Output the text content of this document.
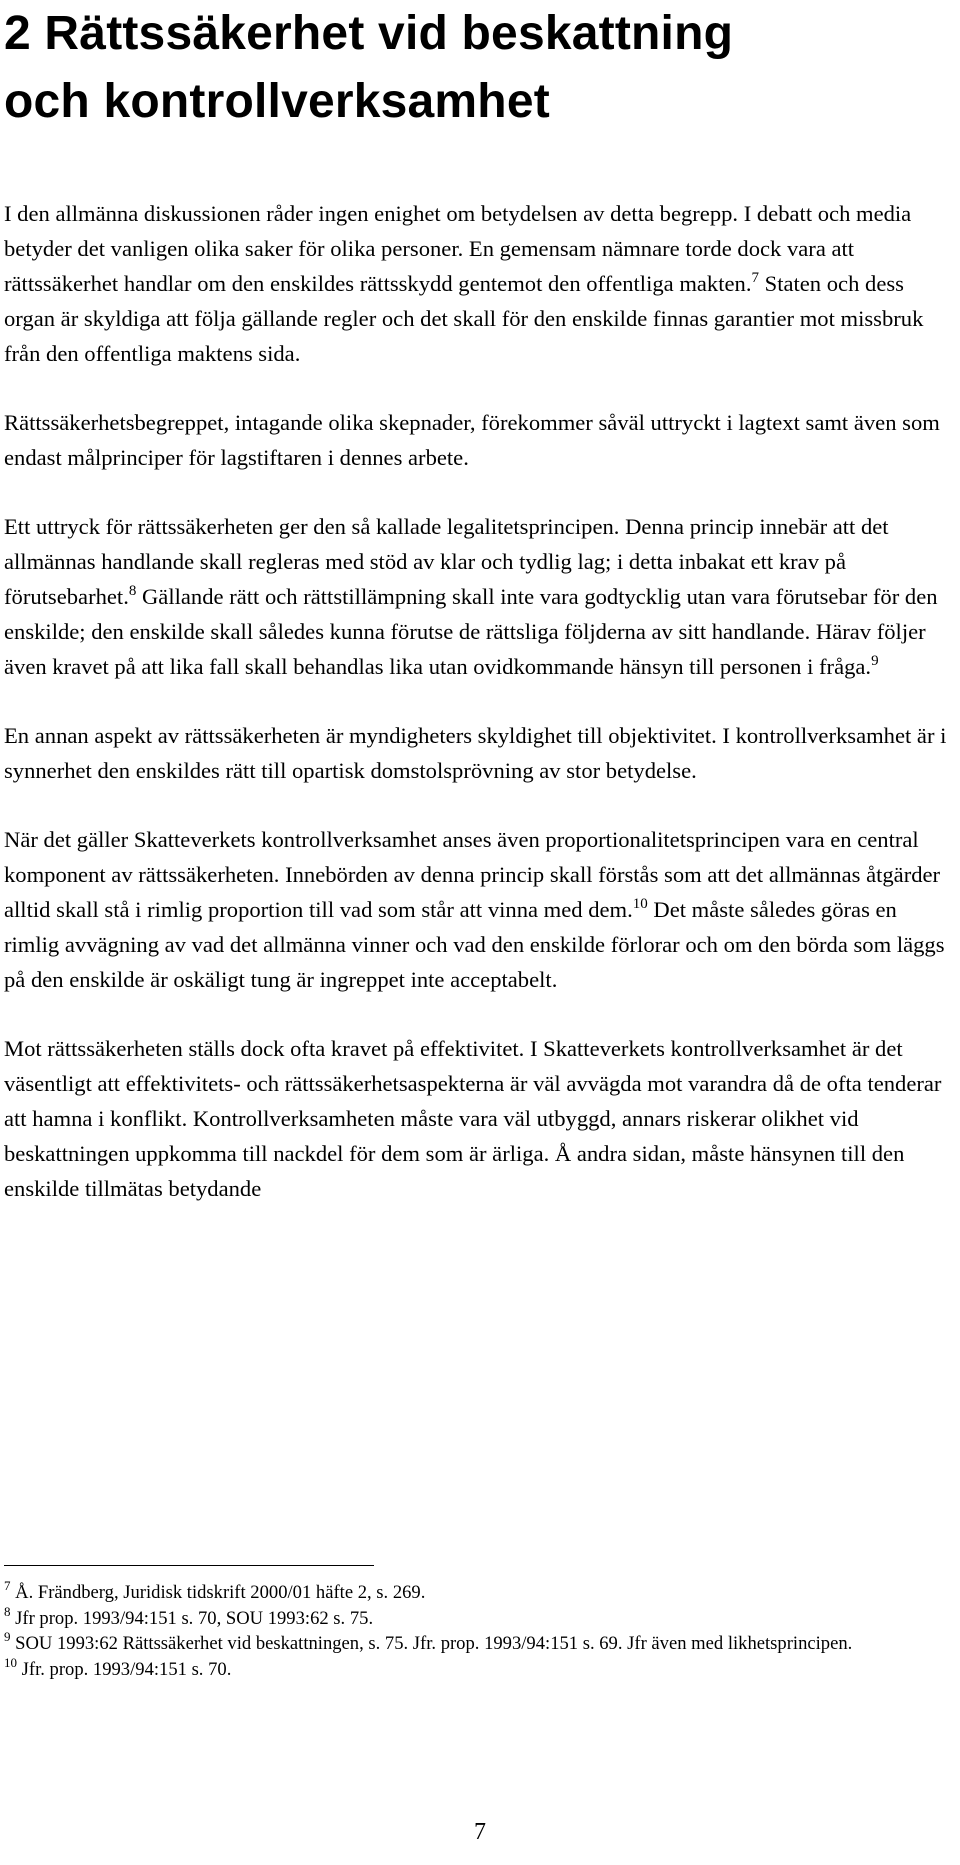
2 Rättssäkerhet vid beskattning
och kontrollverksamhet

I den allmänna diskussionen råder ingen enighet om betydelsen av detta begrepp. I debatt och media betyder det vanligen olika saker för olika personer. En gemensam nämnare torde dock vara att rättssäkerhet handlar om den enskildes rättsskydd gentemot den offentliga makten.$^7$ Staten och dess organ är skyldiga att följa gällande regler och det skall för den enskilde finnas garantier mot missbruk från den offentliga maktens sida.

Rättssäkerhetsbegreppet, intagande olika skepnader, förekommer såväl uttryckt i lagtext samt även som endast målprinciper för lagstiftaren i dennes arbete.

Ett uttryck för rättssäkerheten ger den så kallade legalitetsprincipen. Denna princip innebär att det allmännas handlande skall regleras med stöd av klar och tydlig lag; i detta inbakat ett krav på förutsebarhet.$^8$ Gällande rätt och rättstillämpning skall inte vara godtycklig utan vara förutsebar för den enskilde; den enskilde skall således kunna förutse de rättsliga följderna av sitt handlande. Härav följer även kravet på att lika fall skall behandlas lika utan ovidkommande hänsyn till personen i fråga.$^9$

En annan aspekt av rättssäkerheten är myndigheters skyldighet till objektivitet. I kontrollverksamhet är i synnerhet den enskildes rätt till opartisk domstolsprövning av stor betydelse.

När det gäller Skatteverkets kontrollverksamhet anses även proportionalitetsprincipen vara en central komponent av rättssäkerheten. Innebörden av denna princip skall förstås som att det allmännas åtgärder alltid skall stå i rimlig proportion till vad som står att vinna med dem.$^{10}$ Det måste således göras en rimlig avvägning av vad det allmänna vinner och vad den enskilde förlorar och om den börda som läggs på den enskilde är oskäligt tung är ingreppet inte acceptabelt.

Mot rättssäkerheten ställs dock ofta kravet på effektivitet. I Skatteverkets kontrollverksamhet är det väsentligt att effektivitets- och rättssäkerhetsaspekterna är väl avvägda mot varandra då de ofta tenderar att hamna i konflikt. Kontrollverksamheten måste vara väl utbyggd, annars riskerar olikhet vid beskattningen uppkomma till nackdel för dem som är ärliga. Å andra sidan, måste hänsynen till den enskilde tillmätas betydande

$^7$ Å. Frändberg, Juridisk tidskrift 2000/01 häfte 2, s. 269.

$^8$ Jfr prop. 1993/94:151 s. 70, SOU 1993:62 s. 75.

$^9$ SOU 1993:62 Rättssäkerhet vid beskattningen, s. 75. Jfr. prop. 1993/94:151 s. 69. Jfr även med likhetsprincipen.

$^{10}$ Jfr. prop. 1993/94:151 s. 70.

7
